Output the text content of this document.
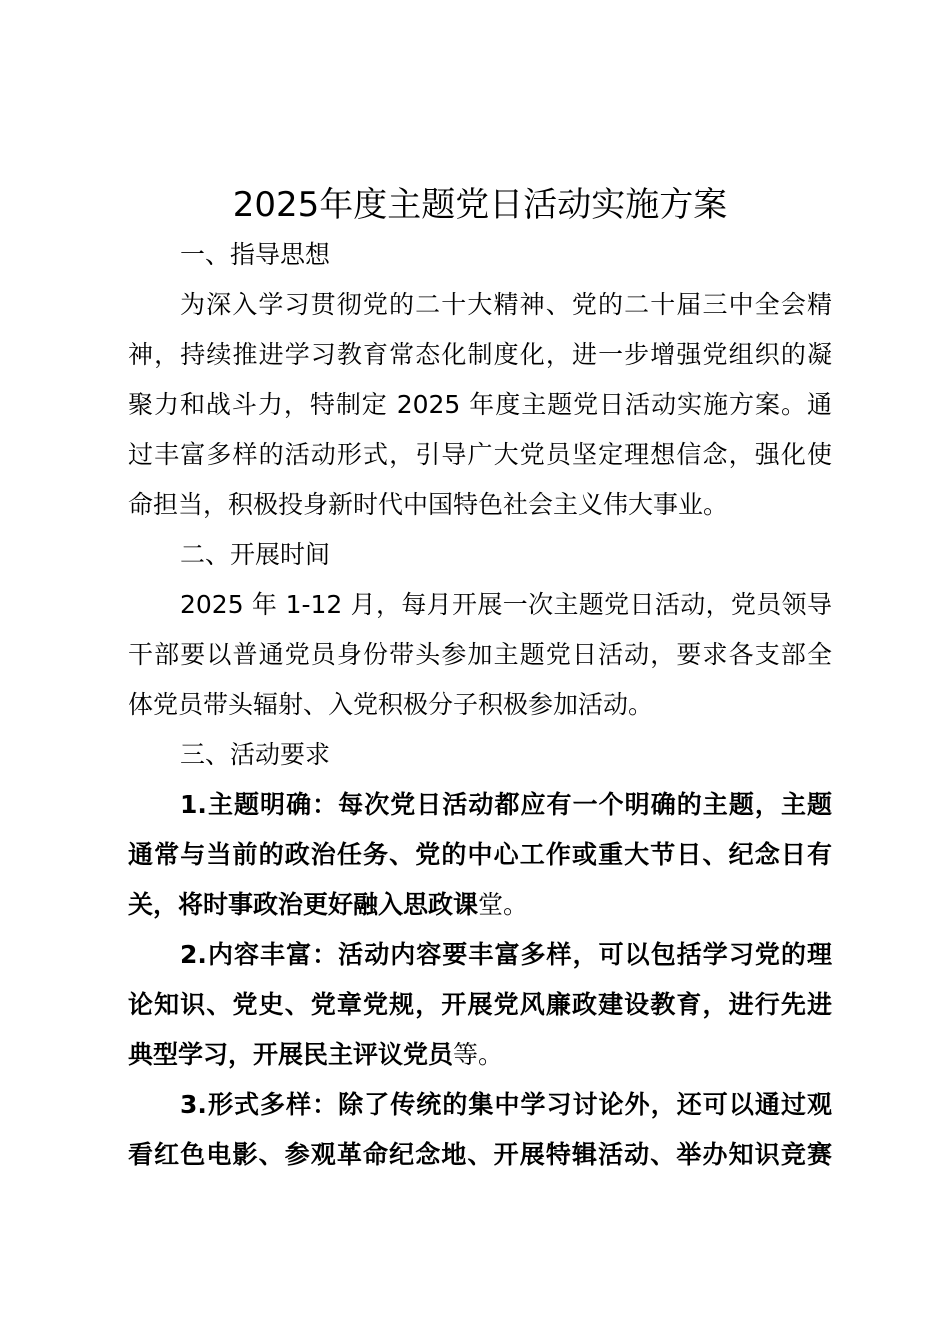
2025年度主题党日活动实施方案
一、指导思想
为深入学习贯彻党的二十大精神、党的二十届三中全会精
神，持续推进学习教育常态化制度化，进一步增强党组织的凝
聚力和战斗力，特制定 2025 年度主题党日活动实施方案。通
过丰富多样的活动形式，引导广大党员坚定理想信念，强化使
命担当，积极投身新时代中国特色社会主义伟大事业。
二、开展时间
2025 年 1-12 月，每月开展一次主题党日活动，党员领导
干部要以普通党员身份带头参加主题党日活动，要求各支部全
体党员带头辐射、入党积极分子积极参加活动。
三、活动要求
1.主题明确：每次党日活动都应有一个明确的主题，主题
通常与当前的政治任务、党的中心工作或重大节日、纪念日有
关，将时事政治更好融入思政课堂。
2.内容丰富：活动内容要丰富多样，可以包括学习党的理
论知识、党史、党章党规，开展党风廉政建设教育，进行先进
典型学习，开展民主评议党员等。
3.形式多样：除了传统的集中学习讨论外，还可以通过观
看红色电影、参观革命纪念地、开展特辑活动、举办知识竞赛
